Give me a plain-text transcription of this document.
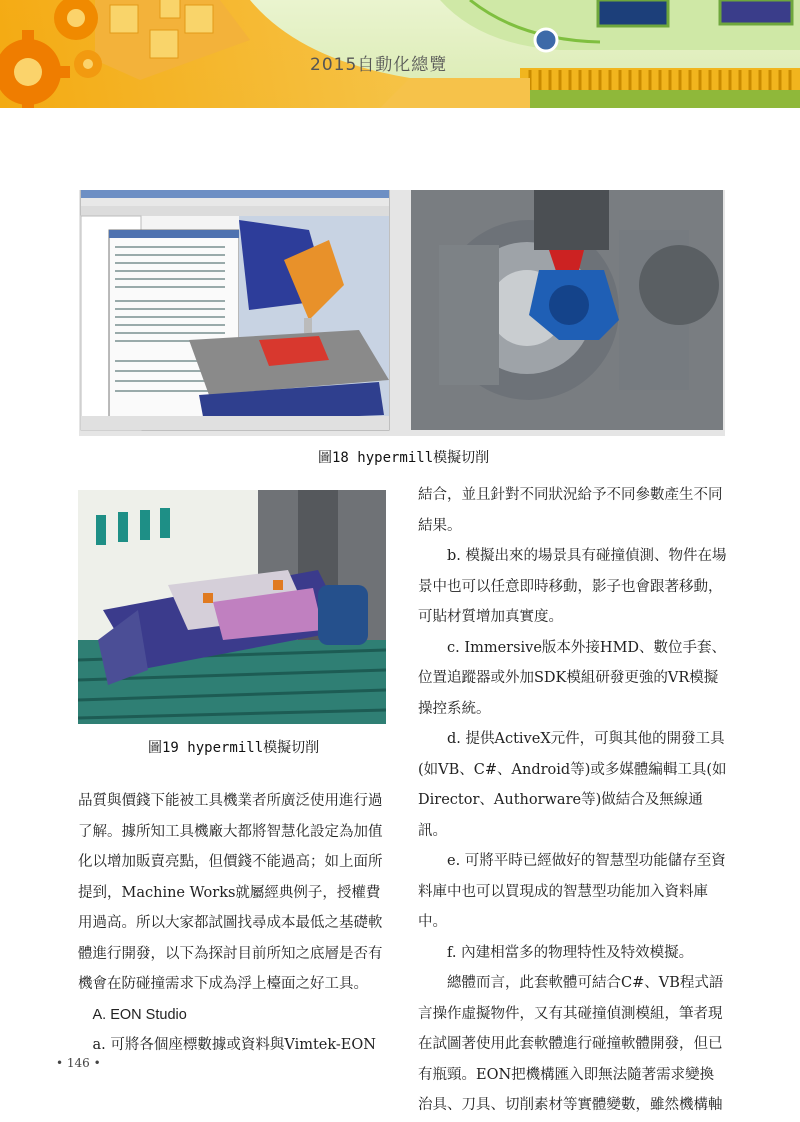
2015自動化總覽
圖18 hypermill模擬切削
圖19 hypermill模擬切削

品質與價錢下能被工具機業者所廣泛使用進行過了解。據所知工具機廠大都將智慧化設定為加值化以增加販賣亮點，但價錢不能過高；如上面所提到，Machine Works就屬經典例子，授權費用過高。所以大家都試圖找尋成本最低之基礎軟體進行開發，以下為探討目前所知之底層是否有機會在防碰撞需求下成為浮上檯面之好工具。

A. EON Studio

a. 可將各個座標數據或資料與Vimtek-EON

結合，並且針對不同狀況給予不同參數產生不同結果。

b. 模擬出來的場景具有碰撞偵測、物件在場景中也可以任意即時移動，影子也會跟著移動，可貼材質增加真實度。

c. Immersive版本外接HMD、數位手套、位置追蹤器或外加SDK模組研發更強的VR模擬操控系統。

d. 提供ActiveX元件，可與其他的開發工具(如VB、C#、Android等)或多媒體編輯工具(如Director、Authorware等)做結合及無線通訊。

e. 可將平時已經做好的智慧型功能儲存至資料庫中也可以買現成的智慧型功能加入資料庫中。

f. 內建相當多的物理特性及特效模擬。

總體而言，此套軟體可結合C#、VB程式語言操作虛擬物件，又有其碰撞偵測模組，筆者現在試圖著使用此套軟體進行碰撞軟體開發，但已有瓶頸。EON把機構匯入即無法隨著需求變換治具、刀具、切削素材等實體變數，雖然機構軸

• 146 •
